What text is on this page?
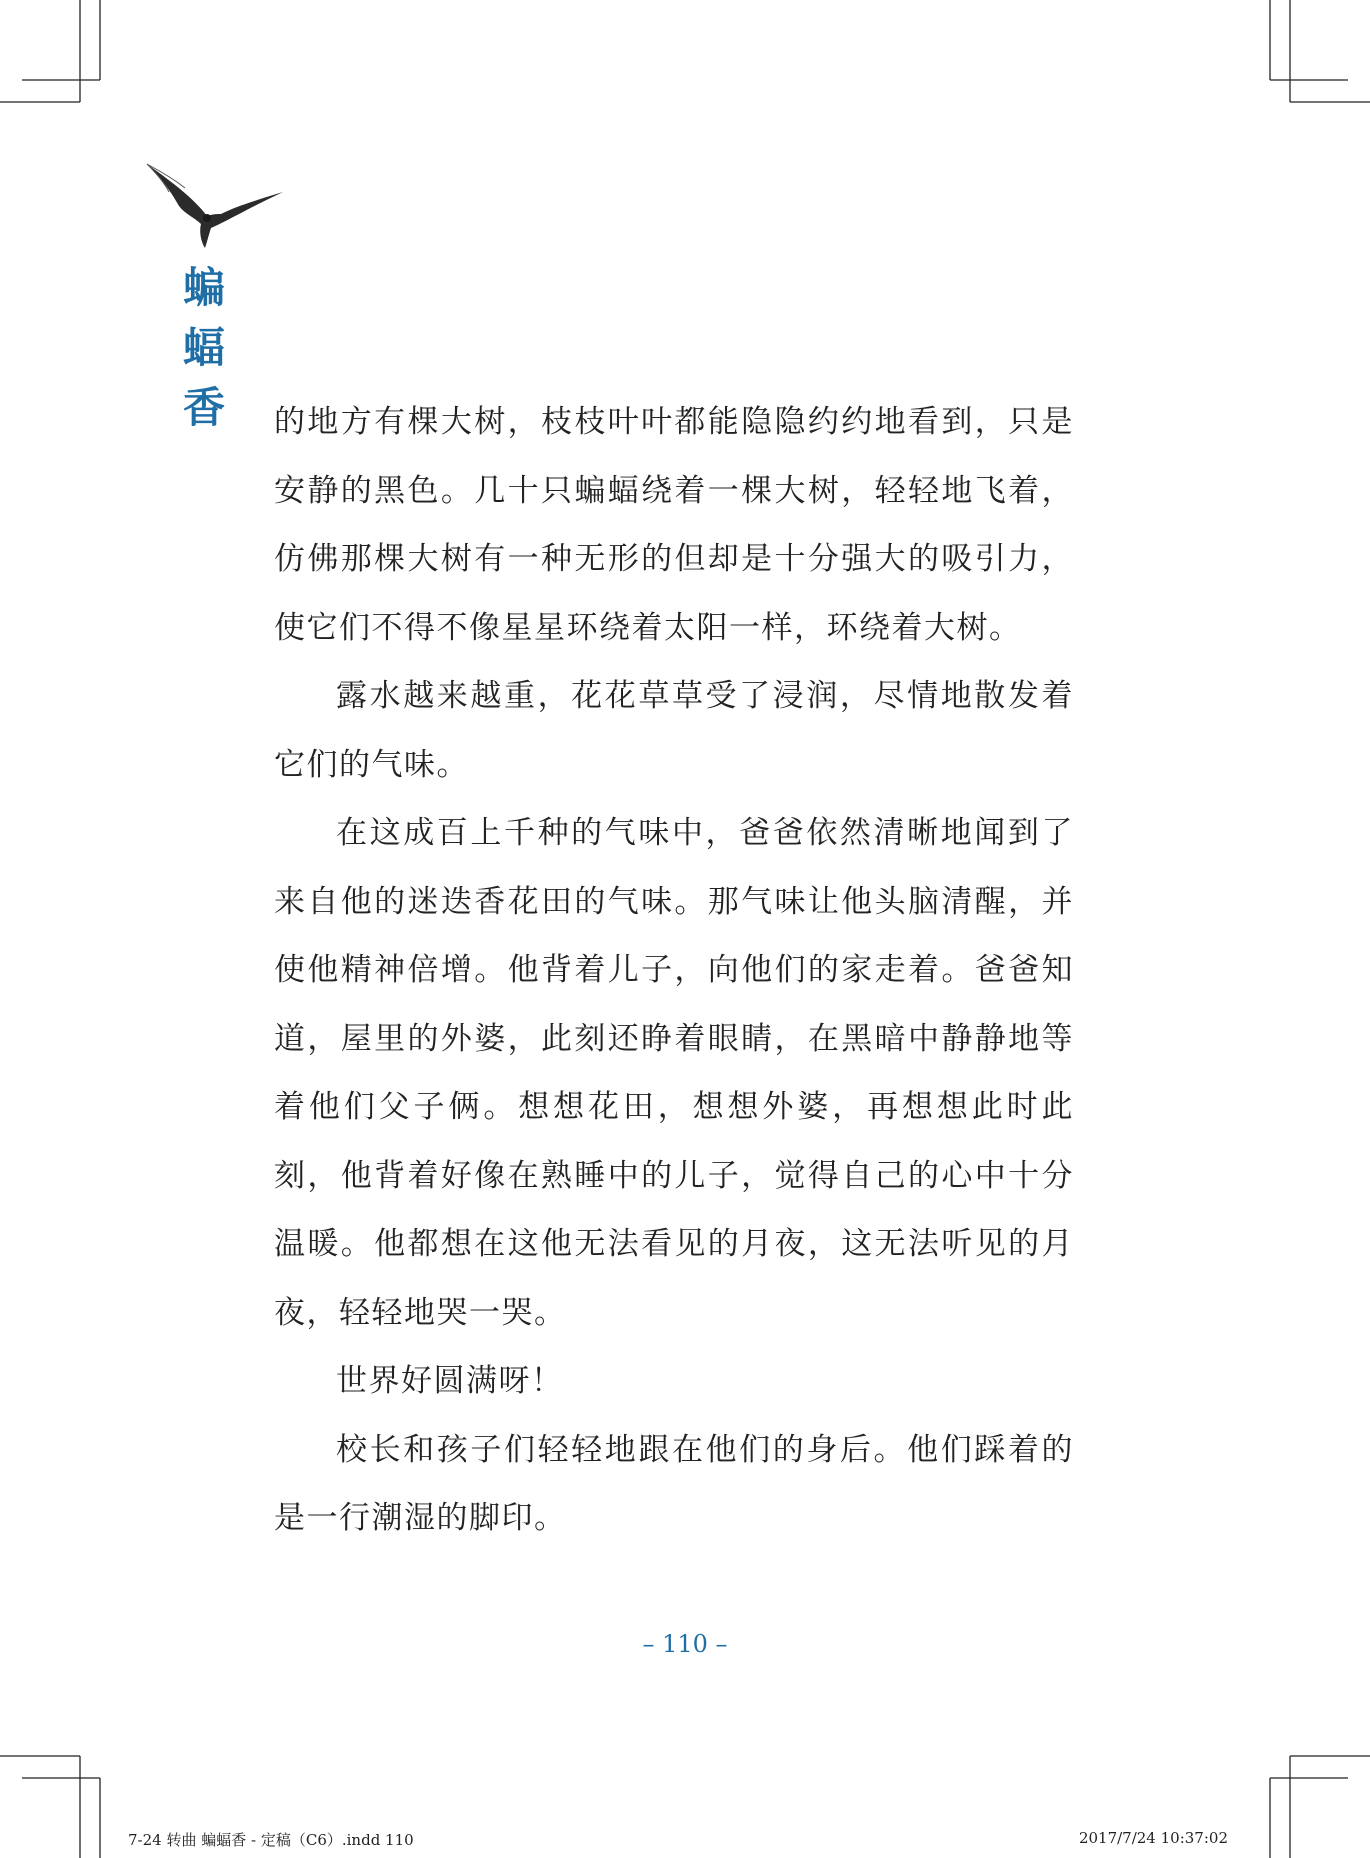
蝙
蝠
香 的地方有棵大树，枝枝叶叶都能隐隐约约地看到，只是安静的黑色。几十只蝙蝠绕着一棵大树，轻轻地飞着，仿佛那棵大树有一种无形的但却是十分强大的吸引力，使它们不得不像星星环绕着太阳一样，环绕着大树。

露水越来越重，花花草草受了浸润，尽情地散发着它们的气味。

在这成百上千种的气味中，爸爸依然清晰地闻到了来自他的迷迭香花田的气味。那气味让他头脑清醒，并使他精神倍增。他背着儿子，向他们的家走着。爸爸知道，屋里的外婆，此刻还睁着眼睛，在黑暗中静静地等着他们父子俩。想想花田，想想外婆，再想想此时此刻，他背着好像在熟睡中的儿子，觉得自己的心中十分温暖。他都想在这他无法看见的月夜，这无法听见的月夜，轻轻地哭一哭。

世界好圆满呀！

校长和孩子们轻轻地跟在他们的身后。他们踩着的是一行潮湿的脚印。

– 110 –
7-24 转曲 蝙蝠香 - 定稿（C6）.indd 110	2017/7/24 10:37:02
